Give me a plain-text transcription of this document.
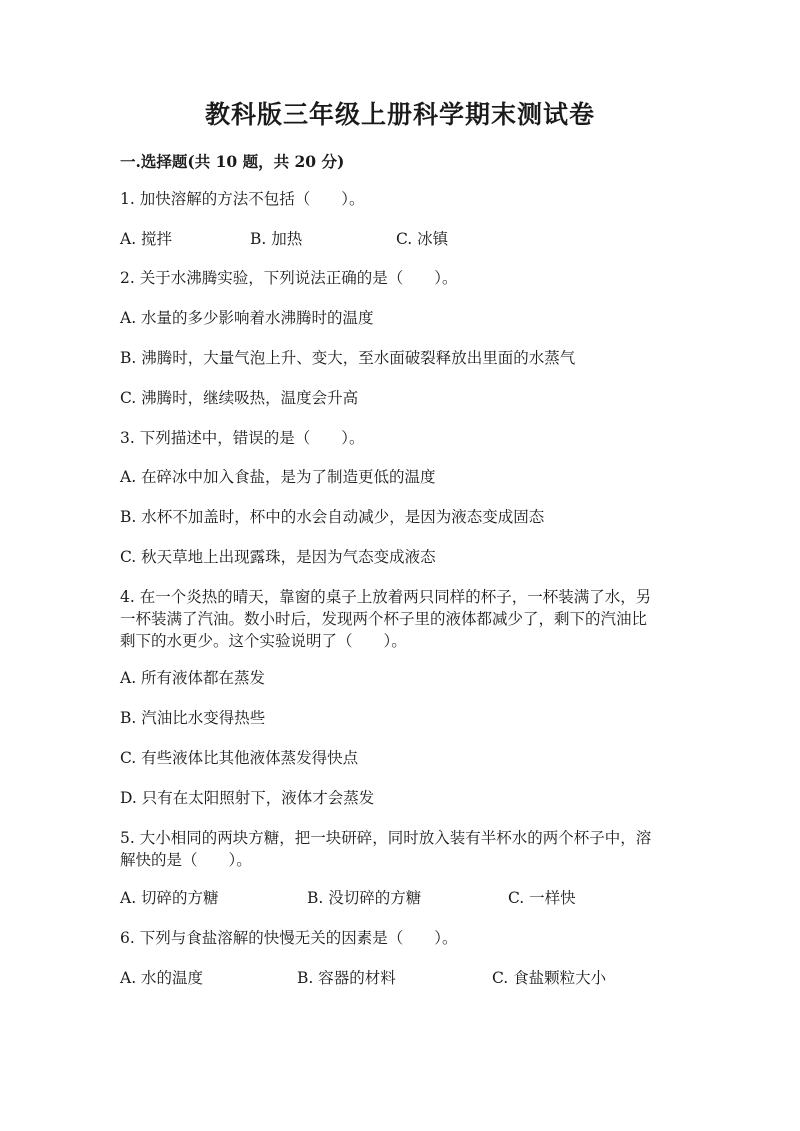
教科版三年级上册科学期末测试卷
一.选择题(共 10 题，共 20 分)
1. 加快溶解的方法不包括（　　）。
A. 搅拌	B. 加热	C. 冰镇
2. 关于水沸腾实验，下列说法正确的是（　　）。
A. 水量的多少影响着水沸腾时的温度
B. 沸腾时，大量气泡上升、变大，至水面破裂释放出里面的水蒸气
C. 沸腾时，继续吸热，温度会升高
3. 下列描述中，错误的是（　　）。
A. 在碎冰中加入食盐，是为了制造更低的温度
B. 水杯不加盖时，杯中的水会自动减少，是因为液态变成固态
C. 秋天草地上出现露珠，是因为气态变成液态
4. 在一个炎热的晴天，靠窗的桌子上放着两只同样的杯子，一杯装满了水，另
一杯装满了汽油。数小时后，发现两个杯子里的液体都减少了，剩下的汽油比
剩下的水更少。这个实验说明了（　　）。
A. 所有液体都在蒸发
B. 汽油比水变得热些
C. 有些液体比其他液体蒸发得快点
D. 只有在太阳照射下，液体才会蒸发
5. 大小相同的两块方糖，把一块研碎，同时放入装有半杯水的两个杯子中，溶
解快的是（　　）。
A. 切碎的方糖	B. 没切碎的方糖	C. 一样快
6. 下列与食盐溶解的快慢无关的因素是（　　）。
A. 水的温度	B. 容器的材料	C. 食盐颗粒大小
